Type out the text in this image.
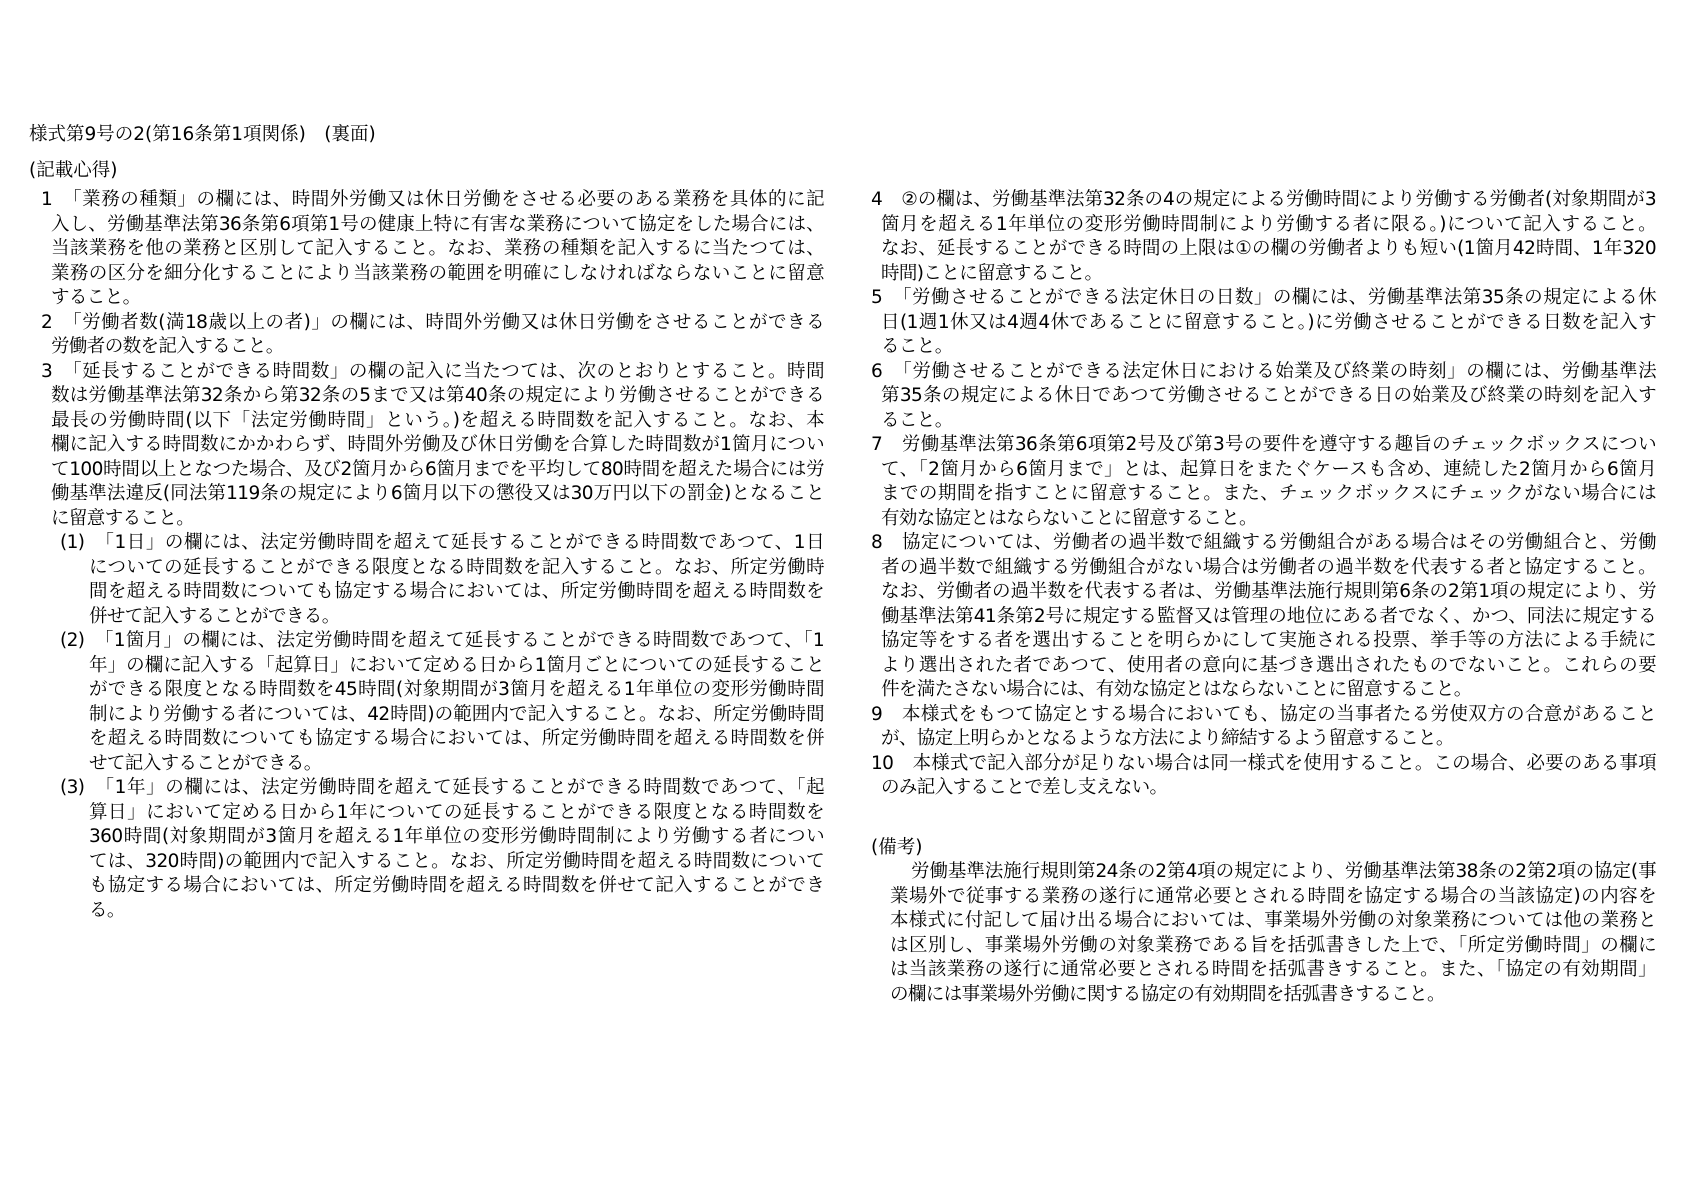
様式第9号の2(第16条第1項関係)　(裏面)
(記載心得)
1　「業務の種類」の欄には、時間外労働又は休日労働をさせる必要のある業務を具体的に記
入し、労働基準法第36条第6項第1号の健康上特に有害な業務について協定をした場合には、
当該業務を他の業務と区別して記入すること。なお、業務の種類を記入するに当たつては、
業務の区分を細分化することにより当該業務の範囲を明確にしなければならないことに留意
すること。
2　「労働者数(満18歳以上の者)」の欄には、時間外労働又は休日労働をさせることができる
労働者の数を記入すること。
3　「延長することができる時間数」の欄の記入に当たつては、次のとおりとすること。時間
数は労働基準法第32条から第32条の5まで又は第40条の規定により労働させることができる
最長の労働時間(以下「法定労働時間」という。)を超える時間数を記入すること。なお、本
欄に記入する時間数にかかわらず、時間外労働及び休日労働を合算した時間数が1箇月につい
て100時間以上となつた場合、及び2箇月から6箇月までを平均して80時間を超えた場合には労
働基準法違反(同法第119条の規定により6箇月以下の懲役又は30万円以下の罰金)となること
に留意すること。
(1)　「1日」の欄には、法定労働時間を超えて延長することができる時間数であつて、1日
についての延長することができる限度となる時間数を記入すること。なお、所定労働時
間を超える時間数についても協定する場合においては、所定労働時間を超える時間数を
併せて記入することができる。
(2)　「1箇月」の欄には、法定労働時間を超えて延長することができる時間数であつて、「1
年」の欄に記入する「起算日」において定める日から1箇月ごとについての延長すること
ができる限度となる時間数を45時間(対象期間が3箇月を超える1年単位の変形労働時間
制により労働する者については、42時間)の範囲内で記入すること。なお、所定労働時間
を超える時間数についても協定する場合においては、所定労働時間を超える時間数を併
せて記入することができる。
(3)　「1年」の欄には、法定労働時間を超えて延長することができる時間数であつて、「起
算日」において定める日から1年についての延長することができる限度となる時間数を
360時間(対象期間が3箇月を超える1年単位の変形労働時間制により労働する者につい
ては、320時間)の範囲内で記入すること。なお、所定労働時間を超える時間数について
も協定する場合においては、所定労働時間を超える時間数を併せて記入することができ
る。
4　②の欄は、労働基準法第32条の4の規定による労働時間により労働する労働者(対象期間が3
箇月を超える1年単位の変形労働時間制により労働する者に限る。)について記入すること。
なお、延長することができる時間の上限は①の欄の労働者よりも短い(1箇月42時間、1年320
時間)ことに留意すること。
5　「労働させることができる法定休日の日数」の欄には、労働基準法第35条の規定による休
日(1週1休又は4週4休であることに留意すること。)に労働させることができる日数を記入す
ること。
6　「労働させることができる法定休日における始業及び終業の時刻」の欄には、労働基準法
第35条の規定による休日であつて労働させることができる日の始業及び終業の時刻を記入す
ること。
7　労働基準法第36条第6項第2号及び第3号の要件を遵守する趣旨のチェックボックスについ
て、「2箇月から6箇月まで」とは、起算日をまたぐケースも含め、連続した2箇月から6箇月
までの期間を指すことに留意すること。また、チェックボックスにチェックがない場合には
有効な協定とはならないことに留意すること。
8　協定については、労働者の過半数で組織する労働組合がある場合はその労働組合と、労働
者の過半数で組織する労働組合がない場合は労働者の過半数を代表する者と協定すること。
なお、労働者の過半数を代表する者は、労働基準法施行規則第6条の2第1項の規定により、労
働基準法第41条第2号に規定する監督又は管理の地位にある者でなく、かつ、同法に規定する
協定等をする者を選出することを明らかにして実施される投票、挙手等の方法による手続に
より選出された者であつて、使用者の意向に基づき選出されたものでないこと。これらの要
件を満たさない場合には、有効な協定とはならないことに留意すること。
9　本様式をもつて協定とする場合においても、協定の当事者たる労使双方の合意があること
が、協定上明らかとなるような方法により締結するよう留意すること。
10　本様式で記入部分が足りない場合は同一様式を使用すること。この場合、必要のある事項
のみ記入することで差し支えない。
(備考)
労働基準法施行規則第24条の2第4項の規定により、労働基準法第38条の2第2項の協定(事
業場外で従事する業務の遂行に通常必要とされる時間を協定する場合の当該協定)の内容を
本様式に付記して届け出る場合においては、事業場外労働の対象業務については他の業務と
は区別し、事業場外労働の対象業務である旨を括弧書きした上で、「所定労働時間」の欄に
は当該業務の遂行に通常必要とされる時間を括弧書きすること。また、「協定の有効期間」
の欄には事業場外労働に関する協定の有効期間を括弧書きすること。
